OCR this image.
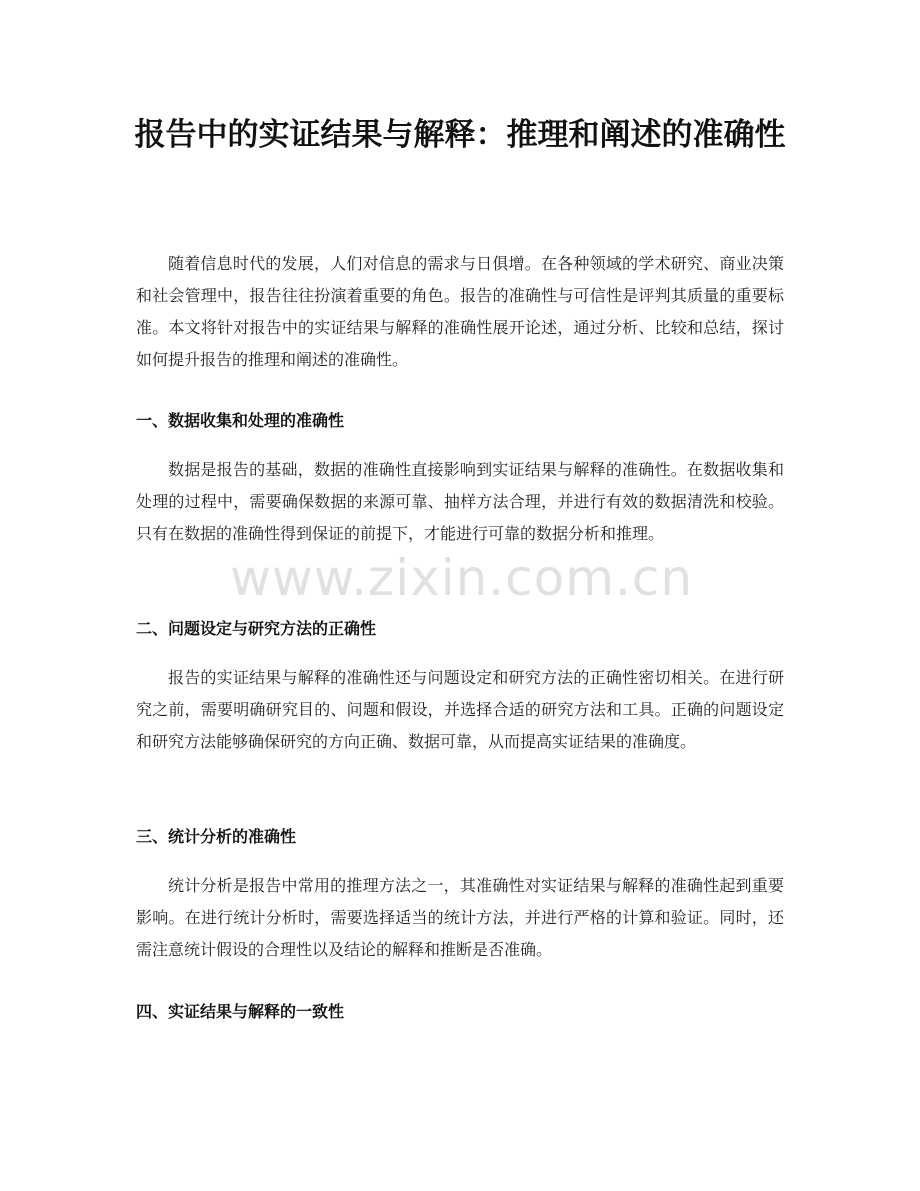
报告中的实证结果与解释：推理和阐述的准确性

随着信息时代的发展，人们对信息的需求与日俱增。在各种领域的学术研究、商业决策和社会管理中，报告往往扮演着重要的角色。报告的准确性与可信性是评判其质量的重要标准。本文将针对报告中的实证结果与解释的准确性展开论述，通过分析、比较和总结，探讨如何提升报告的推理和阐述的准确性。

一、数据收集和处理的准确性

数据是报告的基础，数据的准确性直接影响到实证结果与解释的准确性。在数据收集和处理的过程中，需要确保数据的来源可靠、抽样方法合理，并进行有效的数据清洗和校验。只有在数据的准确性得到保证的前提下，才能进行可靠的数据分析和推理。

二、问题设定与研究方法的正确性

报告的实证结果与解释的准确性还与问题设定和研究方法的正确性密切相关。在进行研究之前，需要明确研究目的、问题和假设，并选择合适的研究方法和工具。正确的问题设定和研究方法能够确保研究的方向正确、数据可靠，从而提高实证结果的准确度。

三、统计分析的准确性

统计分析是报告中常用的推理方法之一，其准确性对实证结果与解释的准确性起到重要影响。在进行统计分析时，需要选择适当的统计方法，并进行严格的计算和验证。同时，还需注意统计假设的合理性以及结论的解释和推断是否准确。

四、实证结果与解释的一致性
www.zixin.com.cn
